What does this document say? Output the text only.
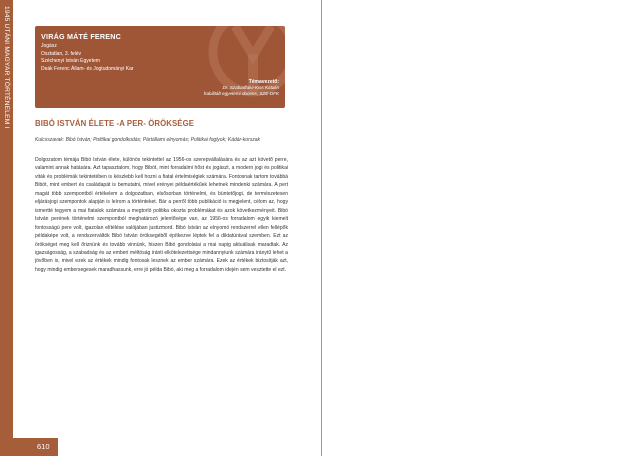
1945 UTÁNI MAGYAR TÖRTÉNELEM I	VIRÁG MÁTÉ FERENC
Jogász
Osztatlan, 3. felév
Széchenyi István Egyetem
Deák Ferenc Állam- és Jogtudományi Kar
Témavezető:
Dr. Szabadfalvi-Kiss Katalin
habilitált egyetemi docens, SZE-DFK
BIBÓ ISTVÁN ÉLETE -A PER- ÖRÖKSÉGE
Kulcsszavak: Bibó István; Politikai gondolkodás; Pártállami elnyomás; Politikai foglyok; Kádár-korszak

Dolgozatom témája Bibó István élete, különös tekintettel az 1956-os szerepvállalására és az azt követő perre, valamint annak hatására. Azt tapasztalom, hogy Bibót, mint forradalmi hőst és jogászt, a modern jogi és politikai viták és problémák tekintetében is készlebb kell hozni a fiatal értelmiségiek számára. Fontosnak tartom továbbá Bibót, mint embert és családapát is bemutatni, mivel erényei példaértékűek lehetnek mindenki számára. A pert magát több szempontból értékelem a dolgozatban, elsősorban történelmi, és büntetőjogi, de természetesen eljárásjogi szempontok alapján is leírom a történteket. Bár a perről több publikáció is megjelent, célom az, hogy ismertté tegyem a mai fiatalok számára a megtorló politika okozta problémákat és azok következményeit. Bibó István perének történelmi szempontból meghatározó jelentősége van, az 1956-os forradalom egyik kiemelt fontosságú pere volt, igazolan elítélése valójában justizmord. Bibó István az elnyomó rendszerrel ellen fellépők példaképe volt, a rendszerváltók Bibó István öröksegéből építkezve léptek fel a diktatúrával szemben. Ezt az örökséget meg kell őriznünk és tovább vinnünk, hiszen Bibó gondolatai a mai napig aktuálisak maradtak. Az igazságosság, a szabadság és az emberi méltóság iránti elkötelezettsége mindannyiunk számára iránytű lehet a jövőben is, mivel ezek az értékek mindig fontosak lesznek az ember számára. Ezek az értékek biztosítják azt, hogy mindig embersegesek maradhassunk, erre jó példa Bibó, aki meg a forradalom idején sem vesztette el ezt.

610
